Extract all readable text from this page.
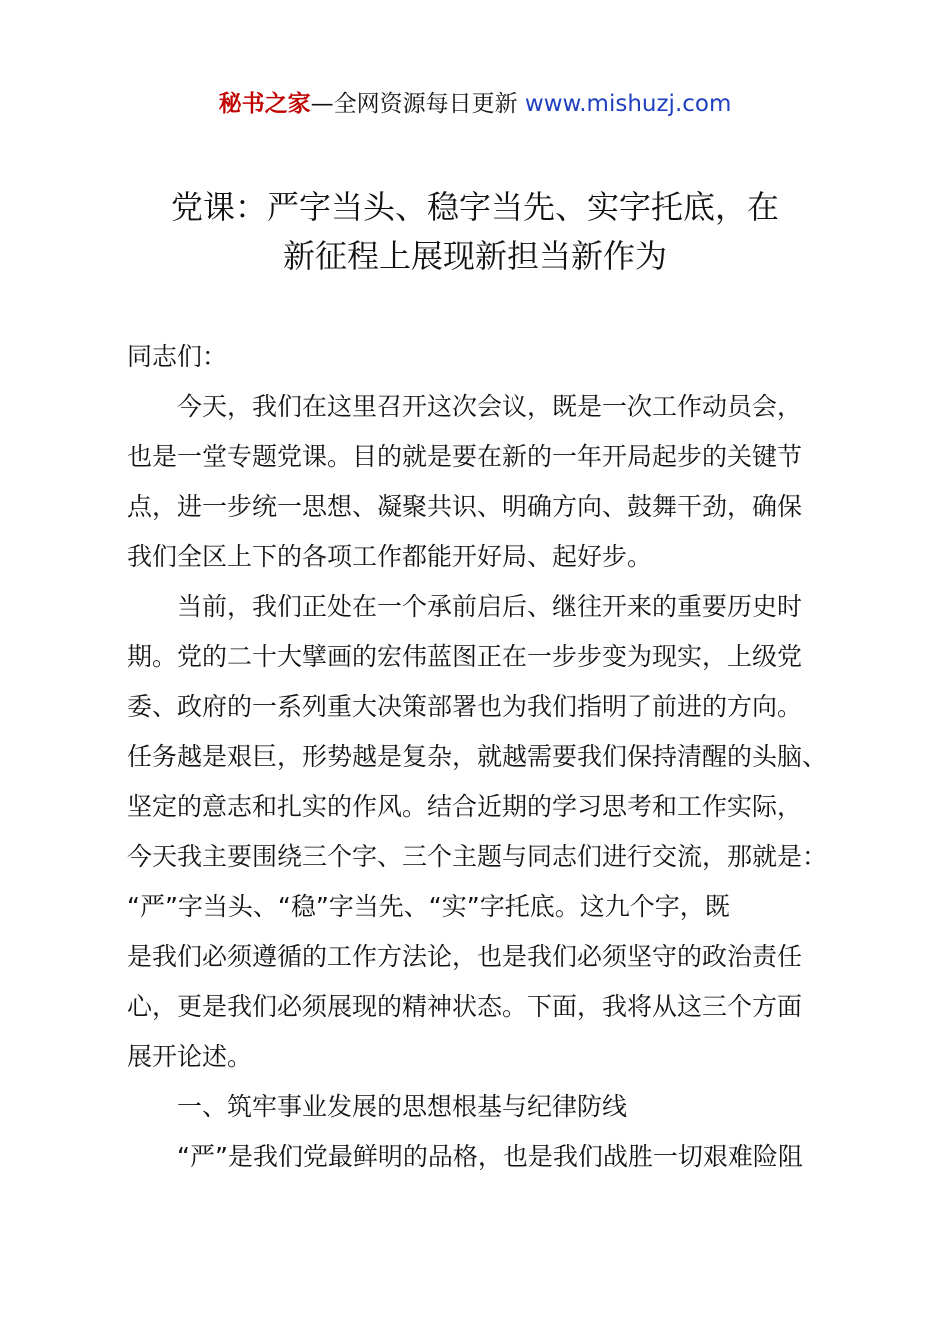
秘书之家—全网资源每日更新 www.mishuzj.com
党课：严字当头、稳字当先、实字托底，在
新征程上展现新担当新作为

同志们：

今天，我们在这里召开这次会议，既是一次工作动员会，
也是一堂专题党课。目的就是要在新的一年开局起步的关键节
点，进一步统一思想、凝聚共识、明确方向、鼓舞干劲，确保
我们全区上下的各项工作都能开好局、起好步。

当前，我们正处在一个承前启后、继往开来的重要历史时
期。党的二十大擘画的宏伟蓝图正在一步步变为现实，上级党
委、政府的一系列重大决策部署也为我们指明了前进的方向。
任务越是艰巨，形势越是复杂，就越需要我们保持清醒的头脑、
坚定的意志和扎实的作风。结合近期的学习思考和工作实际，
今天我主要围绕三个字、三个主题与同志们进行交流，那就是：
“严”字当头、“稳”字当先、“实”字托底。这九个字，既
是我们必须遵循的工作方法论，也是我们必须坚守的政治责任
心，更是我们必须展现的精神状态。下面，我将从这三个方面
展开论述。

一、筑牢事业发展的思想根基与纪律防线

“严”是我们党最鲜明的品格，也是我们战胜一切艰难险阻
